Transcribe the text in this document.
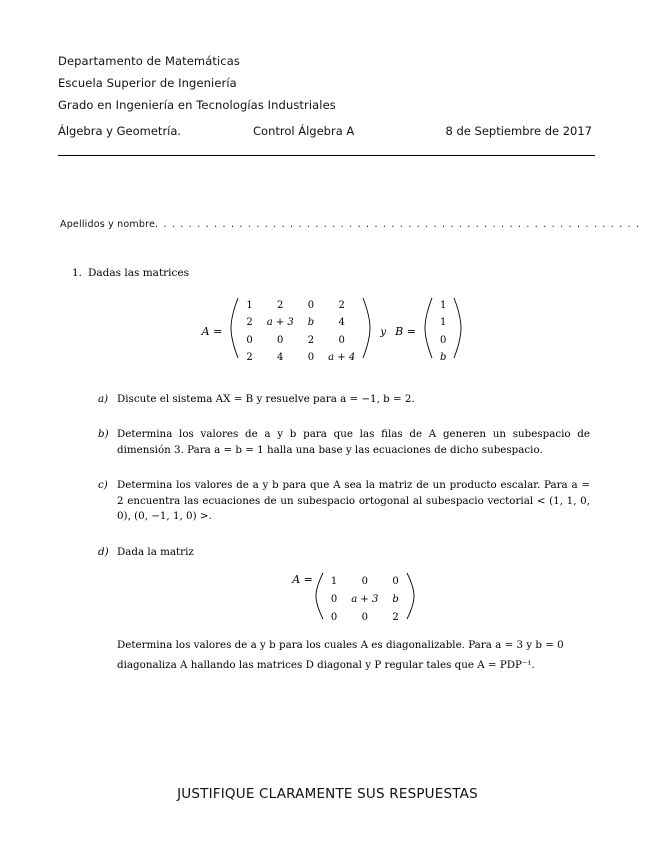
Departamento de Matemáticas
Escuela Superior de Ingeniería
Grado en Ingeniería en Tecnologías Industriales
Álgebra y Geometría.	Control Álgebra A	8 de Septiembre de 2017
Apellidos y nombre. . . . . . . . . . . . . . . . . . . . . . . . . . . . . . . . . . . . . . . . . . . . . . . . . . . . . . . . . .
1. Dadas las matrices
A =
1	2	0	2
2	a + 3	b	4
0	0	2	0
2	4	0	a + 4
y B =
1
1
0
b
a) Discute el sistema AX = B y resuelve para a = −1, b = 2.
b) Determina los valores de a y b para que las filas de A generen un subespacio de dimensión 3. Para a = b = 1 halla una base y las ecuaciones de dicho subespacio.
c) Determina los valores de a y b para que A sea la matriz de un producto escalar. Para a = 2 encuentra las ecuaciones de un subespacio ortogonal al subespacio vectorial < (1, 1, 0, 0), (0, −1, 1, 0) >.
d) Dada la matriz
A = 1	0	0
0	a + 3	b
0	0	2
Determina los valores de a y b para los cuales A es diagonalizable. Para a = 3 y b = 0
diagonaliza A hallando las matrices D diagonal y P regular tales que A = PDP⁻¹.
JUSTIFIQUE CLARAMENTE SUS RESPUESTAS
